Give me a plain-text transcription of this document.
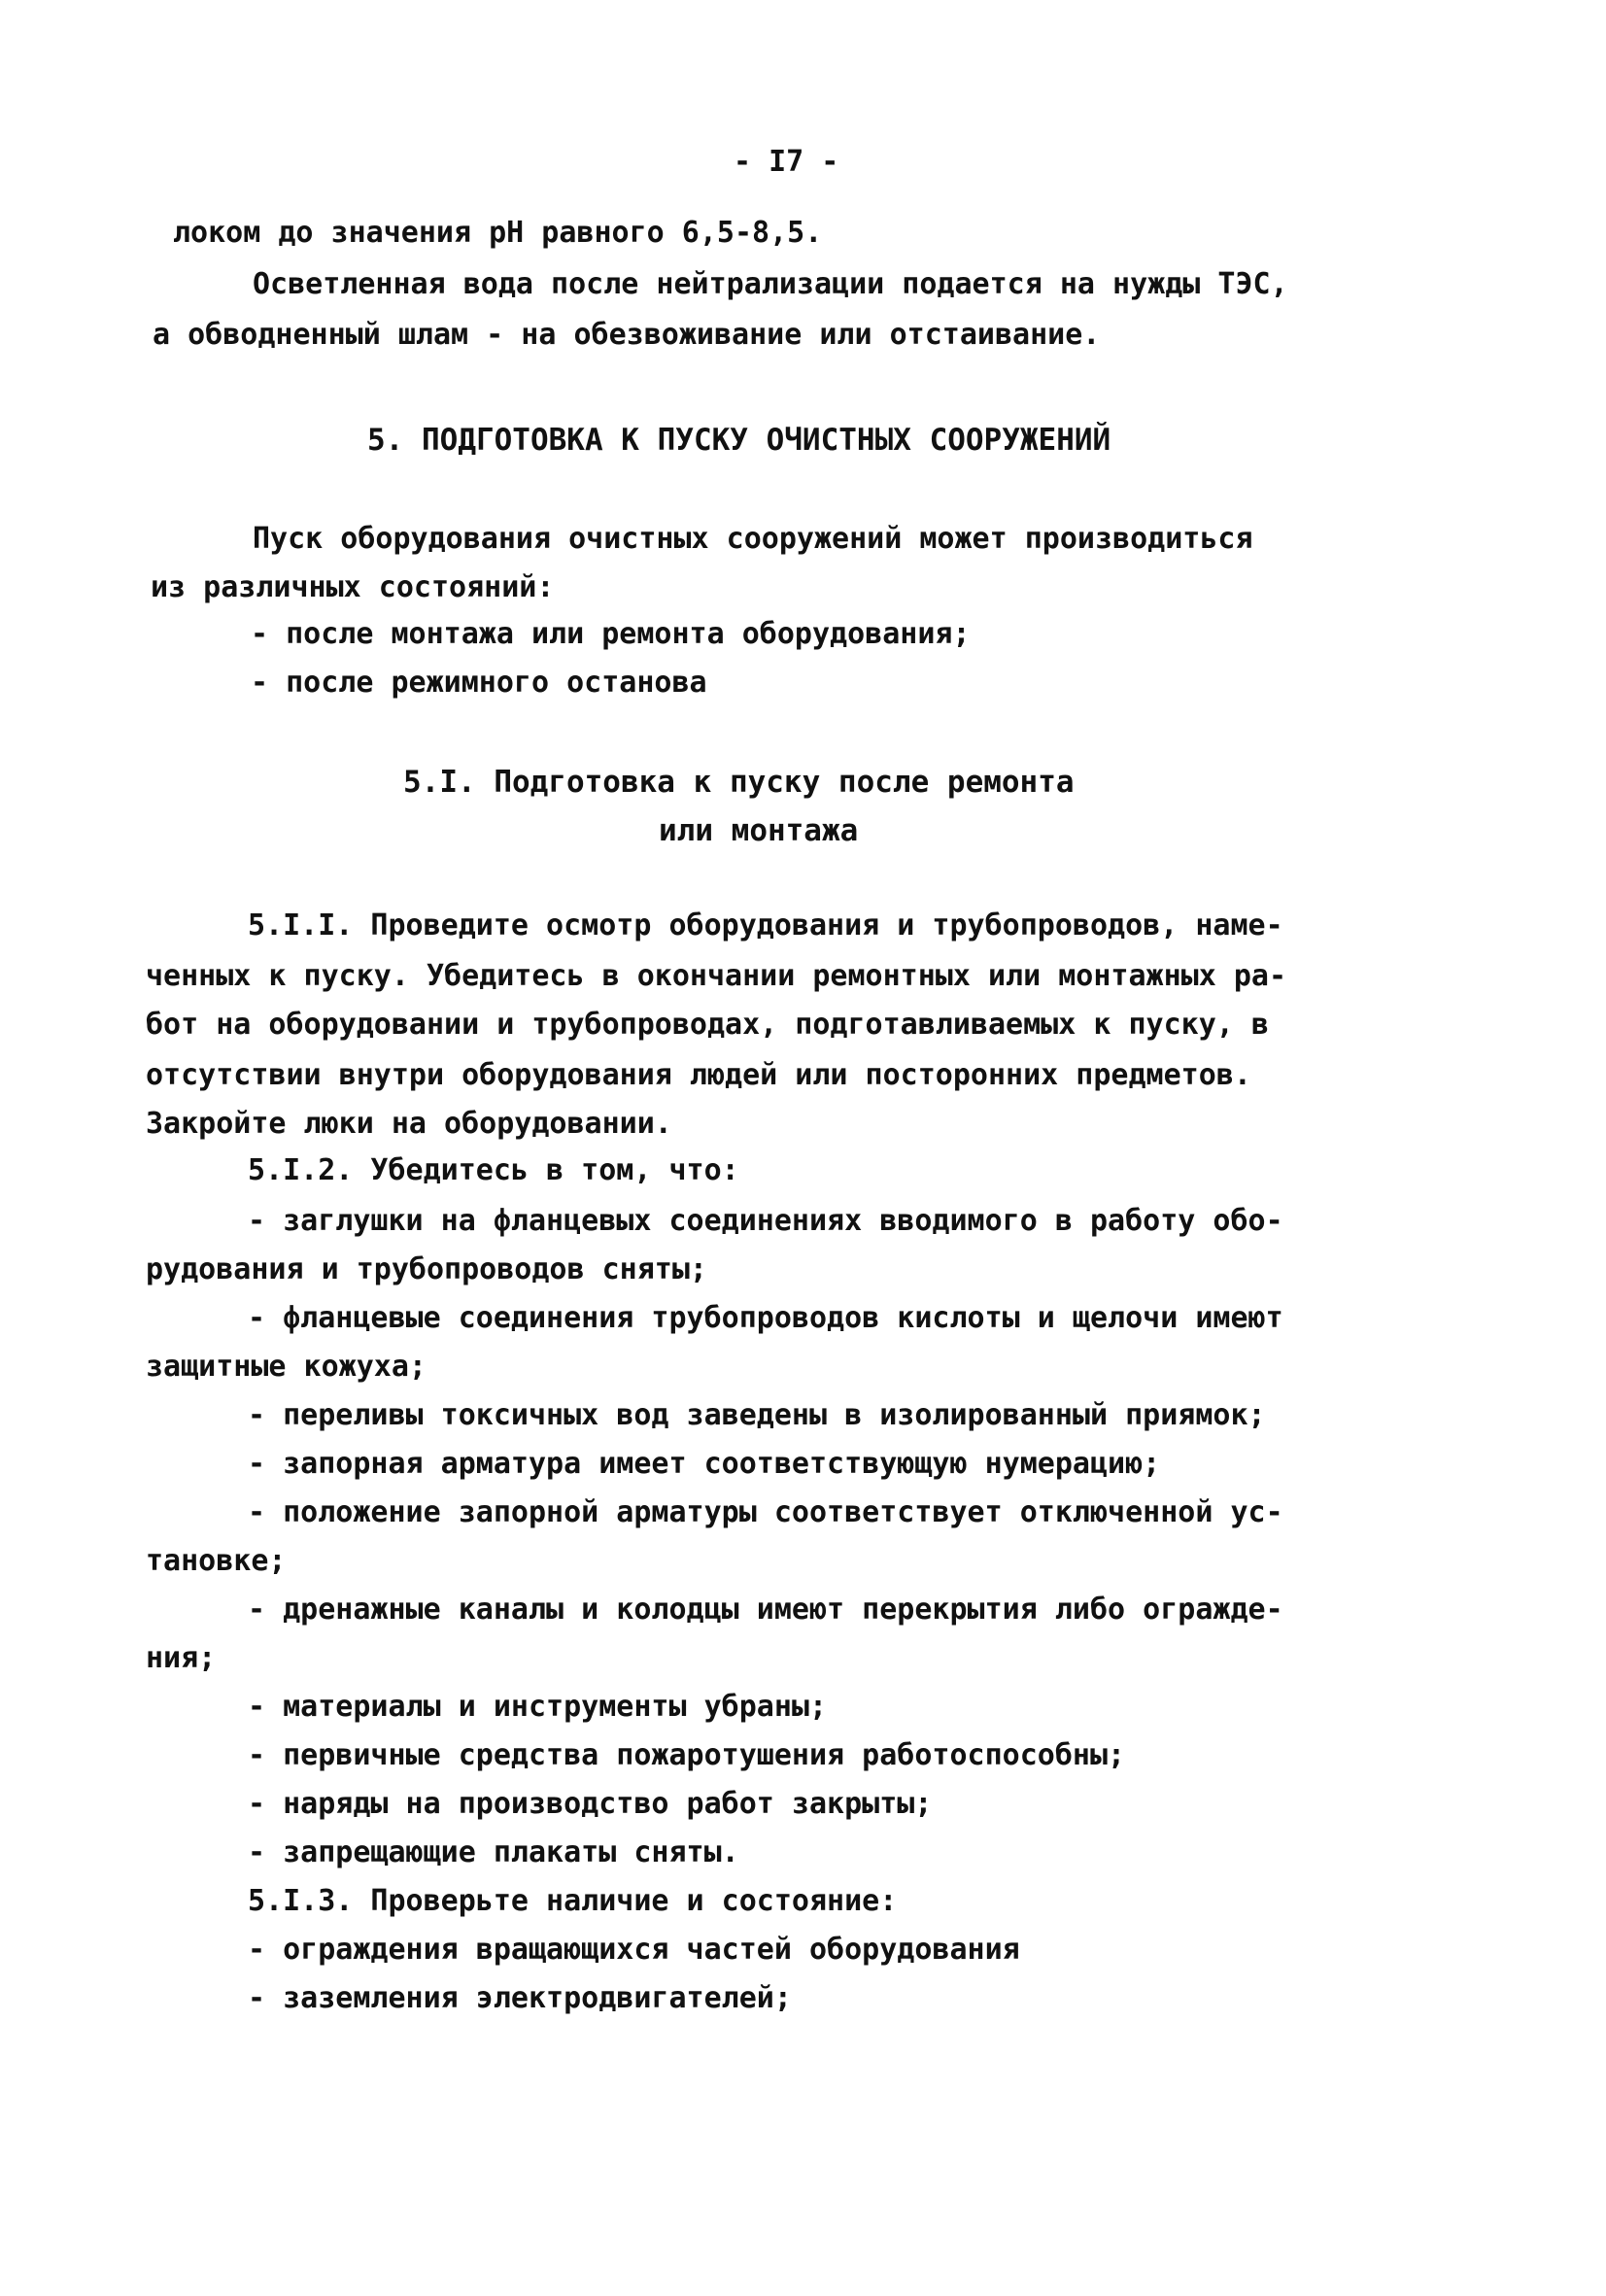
- I7 -
локом до значения pH равного 6,5-8,5.
Осветленная вода после нейтрализации подается на нужды ТЭС,
а обводненный шлам - на обезвоживание или отстаивание.
5. ПОДГОТОВКА К ПУСКУ ОЧИСТНЫХ СООРУЖЕНИЙ
Пуск оборудования очистных сооружений может производиться
из различных состояний:
- после монтажа или ремонта оборудования;
- после режимного останова
5.I. Подготовка к пуску после ремонта
или монтажа
5.I.I. Проведите осмотр оборудования и трубопроводов, наме-
ченных к пуску. Убедитесь в окончании ремонтных или монтажных ра-
бот на оборудовании и трубопроводах, подготавливаемых к пуску, в
отсутствии внутри оборудования людей или посторонних предметов.
Закройте люки на оборудовании.
5.I.2. Убедитесь в том, что:
- заглушки на фланцевых соединениях вводимого в работу обо-
рудования и трубопроводов сняты;
- фланцевые соединения трубопроводов кислоты и щелочи имеют
защитные кожуха;
- переливы токсичных вод заведены в изолированный приямок;
- запорная арматура имеет соответствующую нумерацию;
- положение запорной арматуры соответствует отключенной ус-
тановке;
- дренажные каналы и колодцы имеют перекрытия либо огражде-
ния;
- материалы и инструменты убраны;
- первичные средства пожаротушения работоспособны;
- наряды на производство работ закрыты;
- запрещающие плакаты сняты.
5.I.3. Проверьте наличие и состояние:
- ограждения вращающихся частей оборудования
- заземления электродвигателей;
